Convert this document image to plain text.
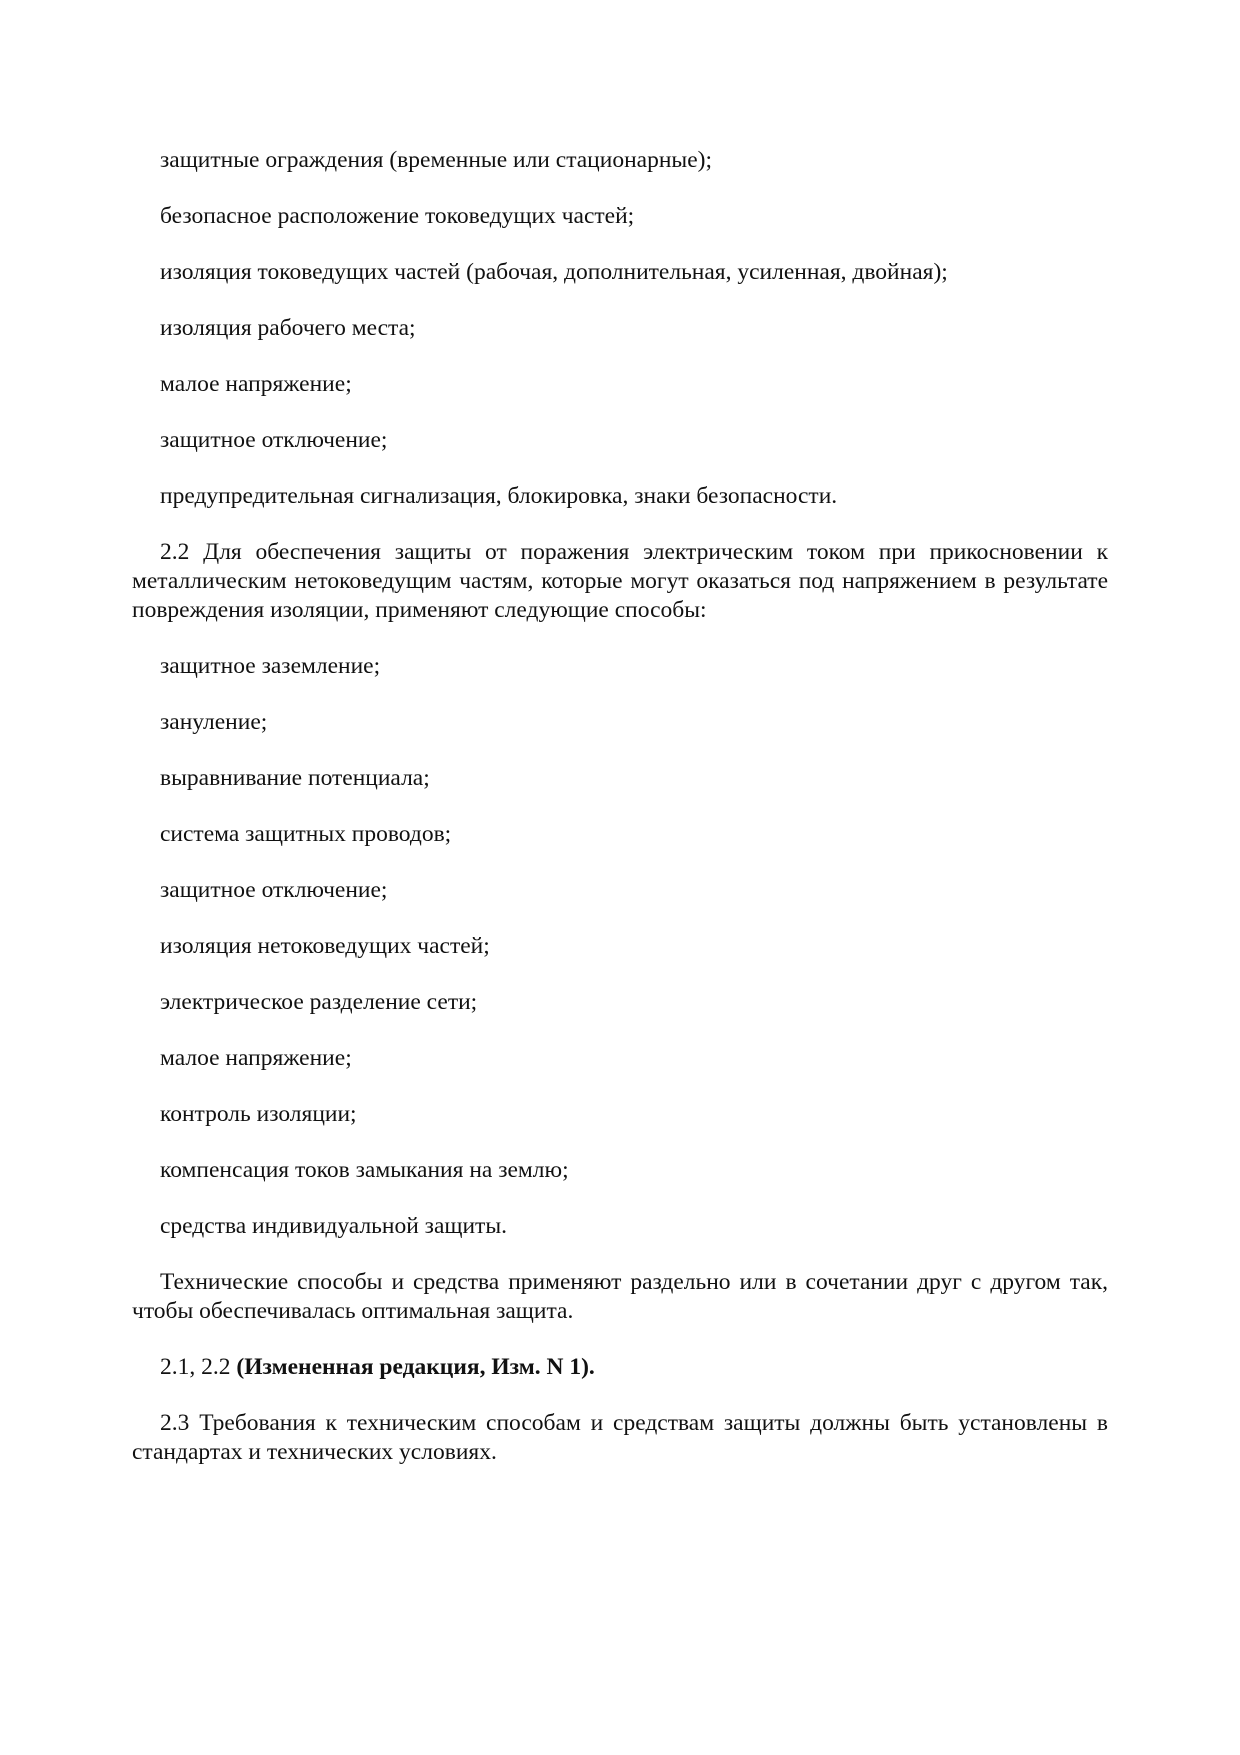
защитные ограждения (временные или стационарные);

безопасное расположение токоведущих частей;

изоляция токоведущих частей (рабочая, дополнительная, усиленная, двойная);

изоляция рабочего места;

малое напряжение;

защитное отключение;

предупредительная сигнализация, блокировка, знаки безопасности.

2.2 Для обеспечения защиты от поражения электрическим током при прикосновении к металлическим нетоковедущим частям, которые могут оказаться под напряжением в результате повреждения изоляции, применяют следующие способы:

защитное заземление;

зануление;

выравнивание потенциала;

система защитных проводов;

защитное отключение;

изоляция нетоковедущих частей;

электрическое разделение сети;

малое напряжение;

контроль изоляции;

компенсация токов замыкания на землю;

средства индивидуальной защиты.

Технические способы и средства применяют раздельно или в сочетании друг с другом так, чтобы обеспечивалась оптимальная защита.

2.1, 2.2 (Измененная редакция, Изм. N 1).

2.3 Требования к техническим способам и средствам защиты должны быть установлены в стандартах и технических условиях.
